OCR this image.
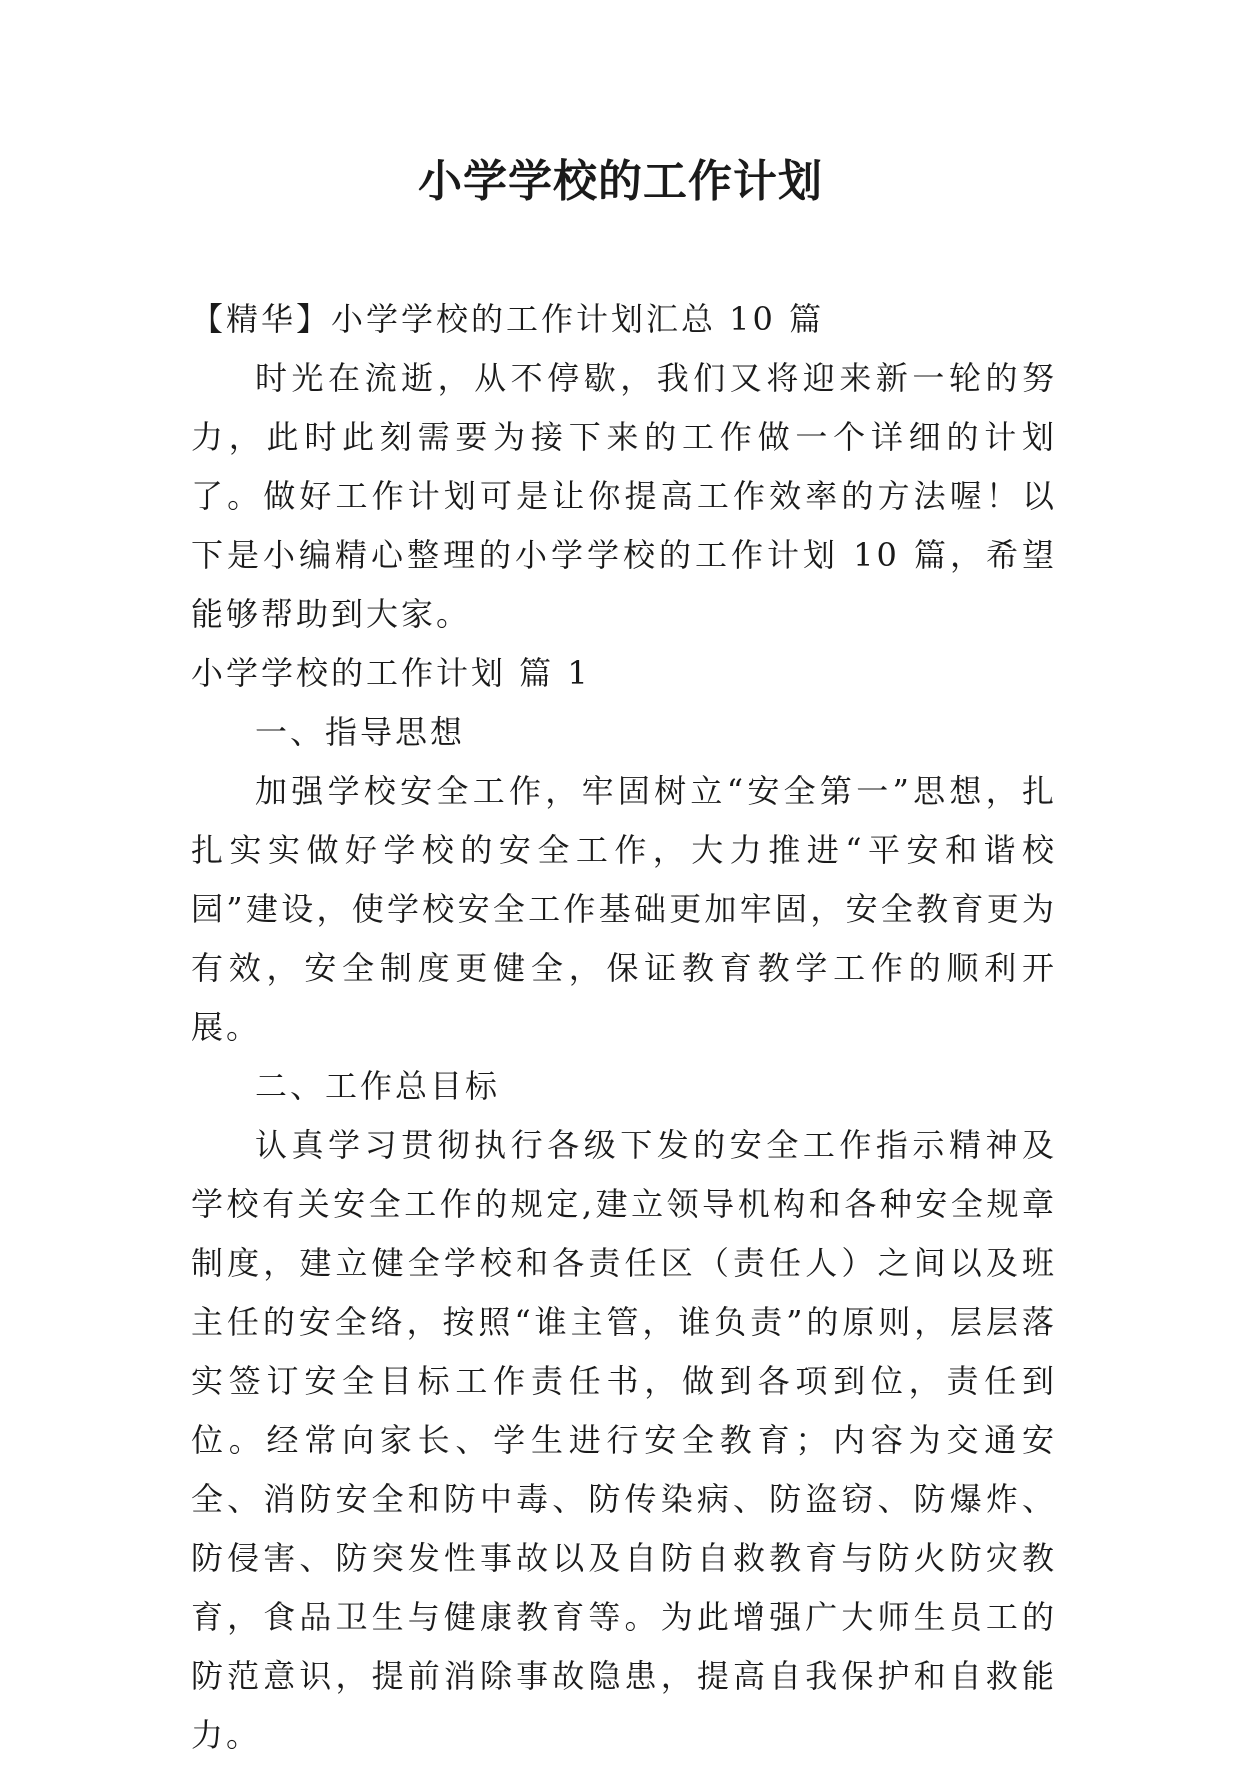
小学学校的工作计划

【精华】小学学校的工作计划汇总 10 篇

时光在流逝，从不停歇，我们又将迎来新一轮的努力，此时此刻需要为接下来的工作做一个详细的计划了。做好工作计划可是让你提高工作效率的方法喔！以下是小编精心整理的小学学校的工作计划 10 篇，希望能够帮助到大家。

小学学校的工作计划 篇 1

一、指导思想

加强学校安全工作，牢固树立“安全第一”思想，扎扎实实做好学校的安全工作，大力推进“平安和谐校园”建设，使学校安全工作基础更加牢固，安全教育更为有效，安全制度更健全，保证教育教学工作的顺利开展。

二、工作总目标

认真学习贯彻执行各级下发的安全工作指示精神及学校有关安全工作的规定,建立领导机构和各种安全规章制度，建立健全学校和各责任区（责任人）之间以及班主任的安全络，按照“谁主管，谁负责”的原则，层层落实签订安全目标工作责任书，做到各项到位，责任到位。经常向家长、学生进行安全教育；内容为交通安全、消防安全和防中毒、防传染病、防盗窃、防爆炸、防侵害、防突发性事故以及自防自救教育与防火防灾教育，食品卫生与健康教育等。为此增强广大师生员工的防范意识，提前消除事故隐患，提高自我保护和自救能力。
